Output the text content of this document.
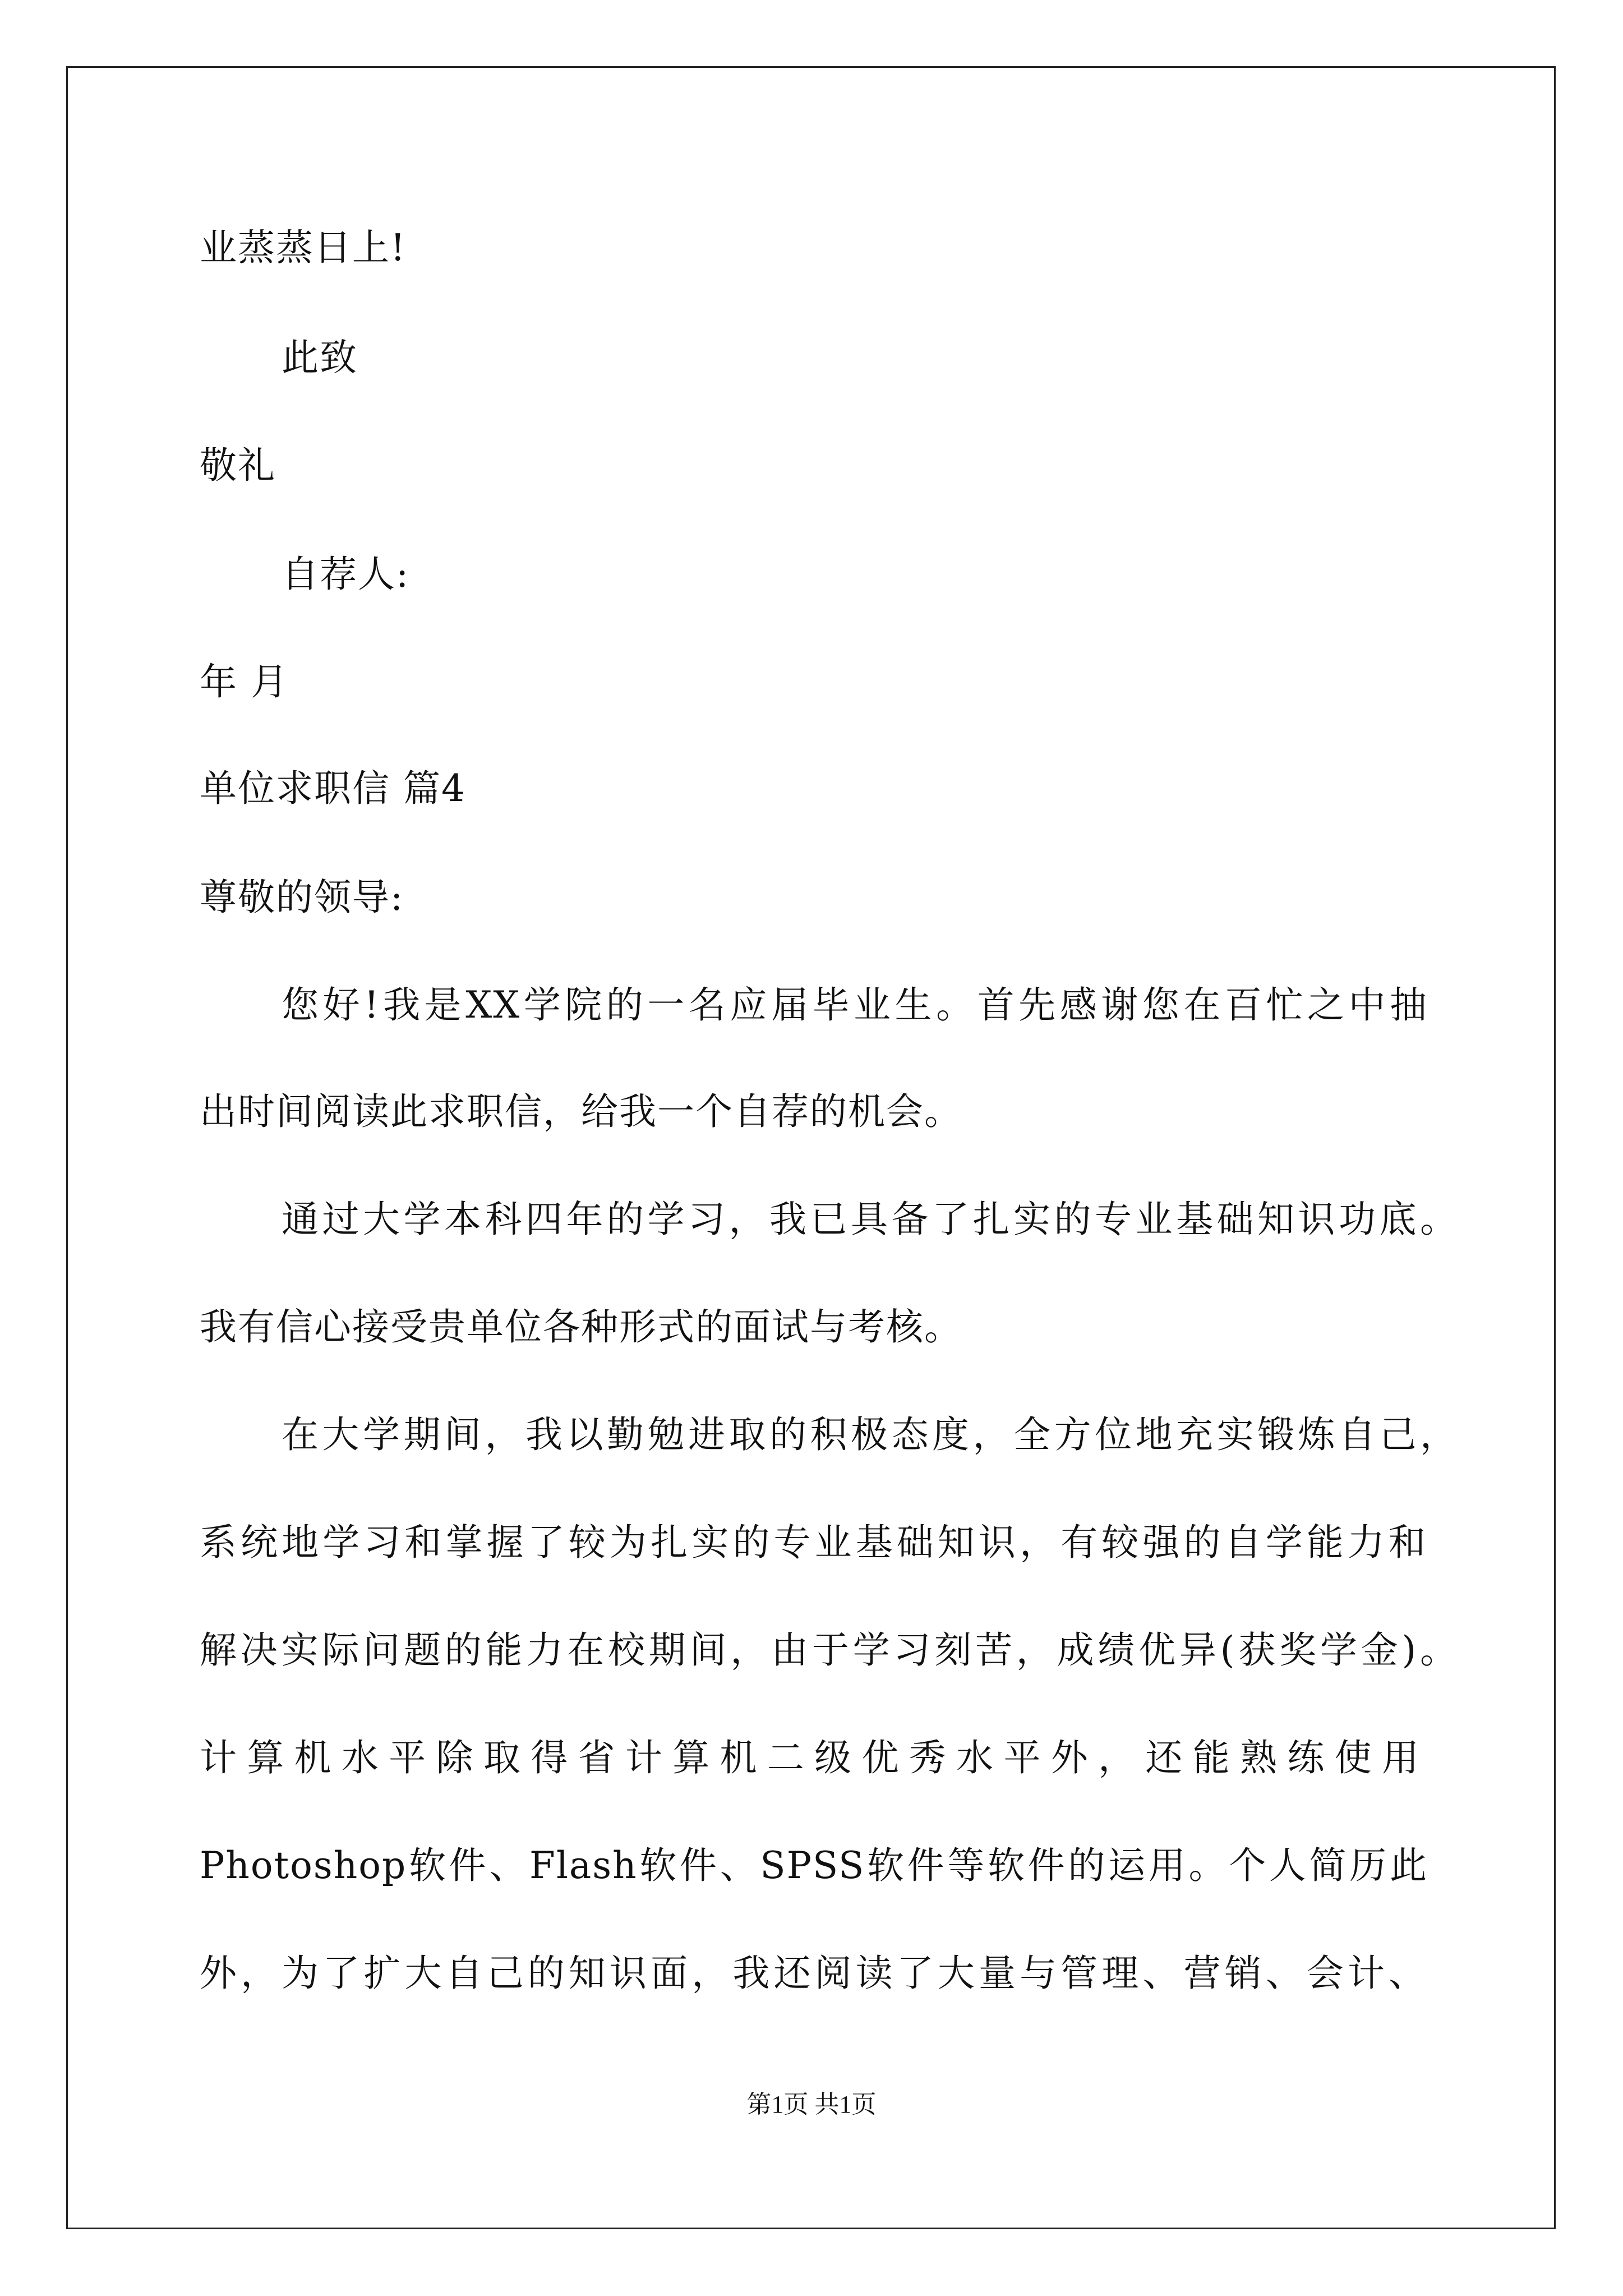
业蒸蒸日上!
此致
敬礼
自荐人:
年 月
单位求职信 篇4
尊敬的领导:
您好!我是XX学院的一名应届毕业生。首先感谢您在百忙之中抽
出时间阅读此求职信，给我一个自荐的机会。
通过大学本科四年的学习，我已具备了扎实的专业基础知识功底。
我有信心接受贵单位各种形式的面试与考核。
在大学期间，我以勤勉进取的积极态度，全方位地充实锻炼自己，
系统地学习和掌握了较为扎实的专业基础知识，有较强的自学能力和
解决实际问题的能力在校期间，由于学习刻苦，成绩优异(获奖学金)。
计算机水平除取得省计算机二级优秀水平外，还能熟练使用
Photoshop软件、Flash软件、SPSS软件等软件的运用。个人简历此
外，为了扩大自己的知识面，我还阅读了大量与管理、营销、会计、
第1页 共1页
